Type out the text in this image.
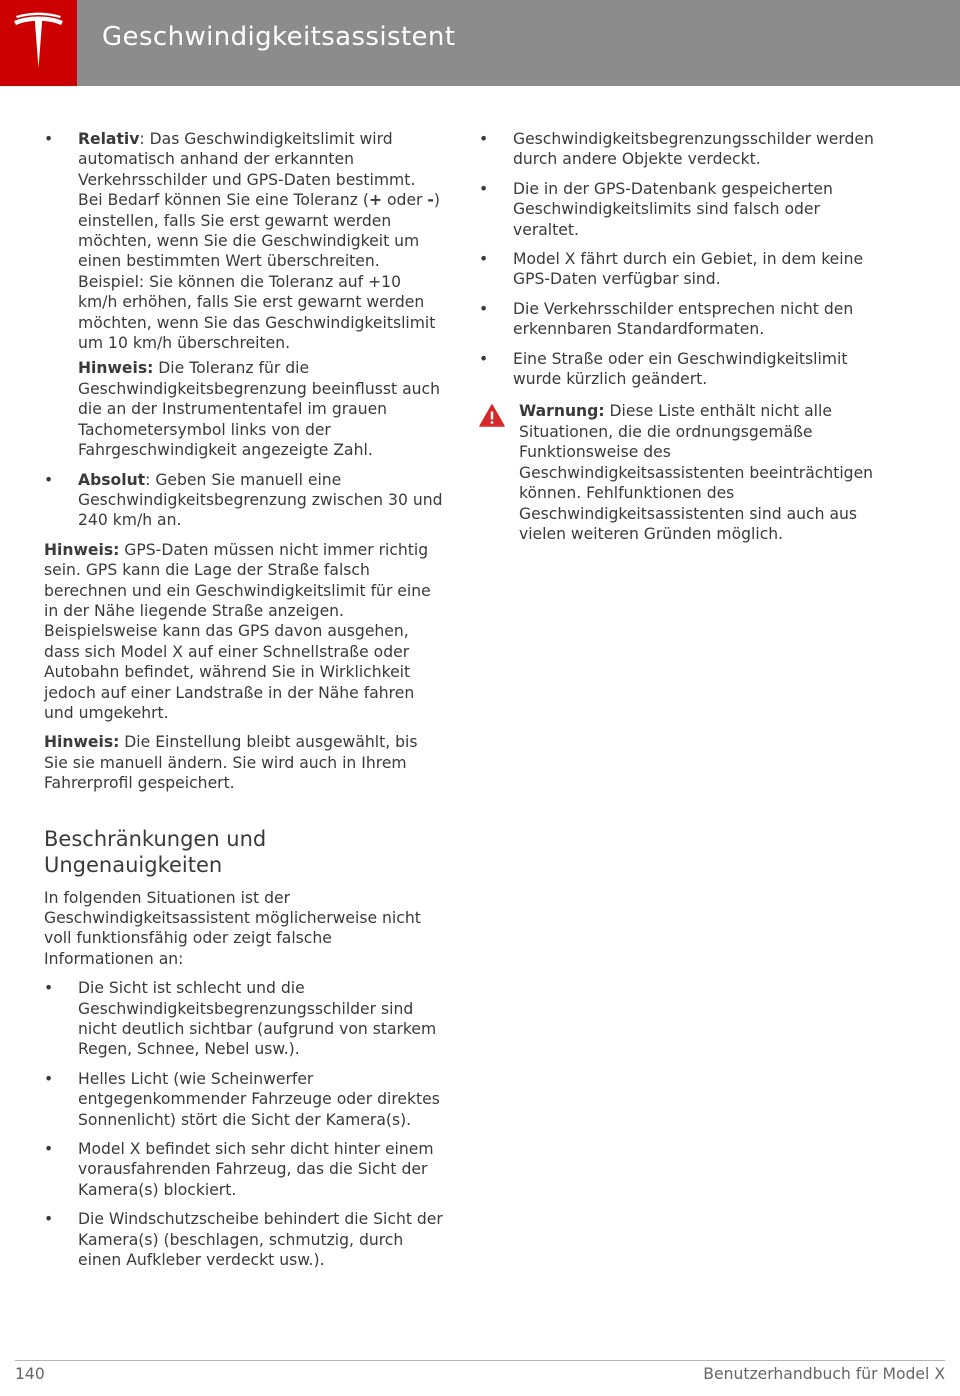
Geschwindigkeitsassistent
• Relativ: Das Geschwindigkeitslimit wird automatisch anhand der erkannten Verkehrsschilder und GPS-Daten bestimmt. Bei Bedarf können Sie eine Toleranz (+ oder -) einstellen, falls Sie erst gewarnt werden möchten, wenn Sie die Geschwindigkeit um einen bestimmten Wert überschreiten. Beispiel: Sie können die Toleranz auf +10 km/h erhöhen, falls Sie erst gewarnt werden möchten, wenn Sie das Geschwindigkeitslimit um 10 km/h überschreiten.
Hinweis: Die Toleranz für die Geschwindigkeitsbegrenzung beeinflusst auch die an der Instrumententafel im grauen Tachometersymbol links von der Fahrgeschwindigkeit angezeigte Zahl.
• Absolut: Geben Sie manuell eine Geschwindigkeitsbegrenzung zwischen 30 und 240 km/h an.

Hinweis: GPS-Daten müssen nicht immer richtig sein. GPS kann die Lage der Straße falsch berechnen und ein Geschwindigkeitslimit für eine in der Nähe liegende Straße anzeigen. Beispielsweise kann das GPS davon ausgehen, dass sich Model X auf einer Schnellstraße oder Autobahn befindet, während Sie in Wirklichkeit jedoch auf einer Landstraße in der Nähe fahren und umgekehrt.

Hinweis: Die Einstellung bleibt ausgewählt, bis Sie sie manuell ändern. Sie wird auch in Ihrem Fahrerprofil gespeichert.

Beschränkungen und
Ungenauigkeiten

In folgenden Situationen ist der Geschwindigkeitsassistent möglicherweise nicht voll funktionsfähig oder zeigt falsche Informationen an:

• Die Sicht ist schlecht und die Geschwindigkeitsbegrenzungsschilder sind nicht deutlich sichtbar (aufgrund von starkem Regen, Schnee, Nebel usw.).
• Helles Licht (wie Scheinwerfer entgegenkommender Fahrzeuge oder direktes Sonnenlicht) stört die Sicht der Kamera(s).
• Model X befindet sich sehr dicht hinter einem vorausfahrenden Fahrzeug, das die Sicht der Kamera(s) blockiert.
• Die Windschutzscheibe behindert die Sicht der Kamera(s) (beschlagen, schmutzig, durch einen Aufkleber verdeckt usw.).
• Geschwindigkeitsbegrenzungsschilder werden durch andere Objekte verdeckt.
• Die in der GPS-Datenbank gespeicherten Geschwindigkeitslimits sind falsch oder veraltet.
• Model X fährt durch ein Gebiet, in dem keine GPS-Daten verfügbar sind.
• Die Verkehrsschilder entsprechen nicht den erkennbaren Standardformaten.
• Eine Straße oder ein Geschwindigkeitslimit wurde kürzlich geändert.
Warnung: Diese Liste enthält nicht alle Situationen, die die ordnungsgemäße Funktionsweise des Geschwindigkeitsassistenten beeinträchtigen können. Fehlfunktionen des Geschwindigkeitsassistenten sind auch aus vielen weiteren Gründen möglich.
140	Benutzerhandbuch für Model X
